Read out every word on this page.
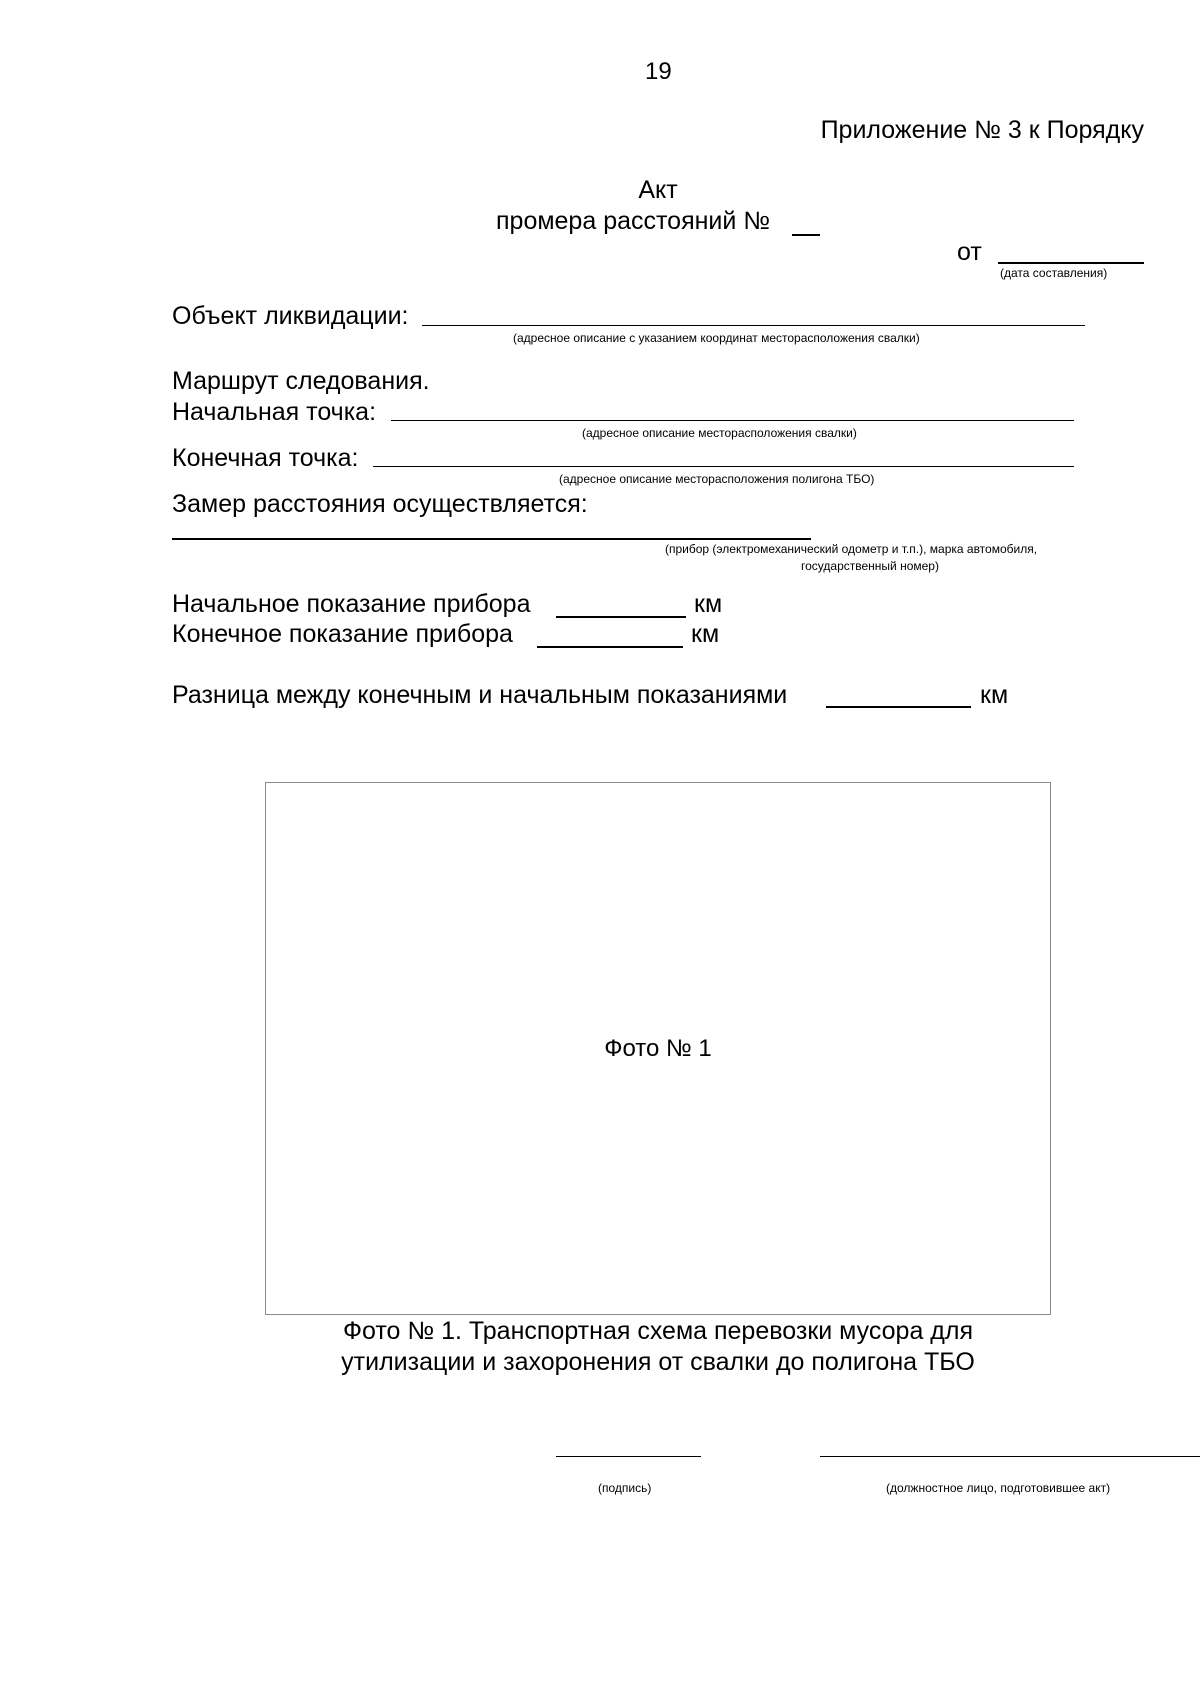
19
Приложение № 3 к Порядку
Акт
промера расстояний №
от
(дата составления)
Объект ликвидации:
(адресное описание с указанием координат месторасположения свалки)
Маршрут следования.
Начальная точка:
(адресное описание месторасположения свалки)
Конечная точка:
(адресное описание месторасположения полигона ТБО)
Замер расстояния осуществляется:
(прибор (электромеханический одометр и т.п.), марка автомобиля,
государственный номер)
Начальное показание прибора	км
Конечное показание прибора	км
Разница между конечным и начальным показаниями	км
Фото № 1
Фото № 1. Транспортная схема перевозки мусора для
утилизации и захоронения от свалки до полигона ТБО
(подпись)	(должностное лицо, подготовившее акт)
